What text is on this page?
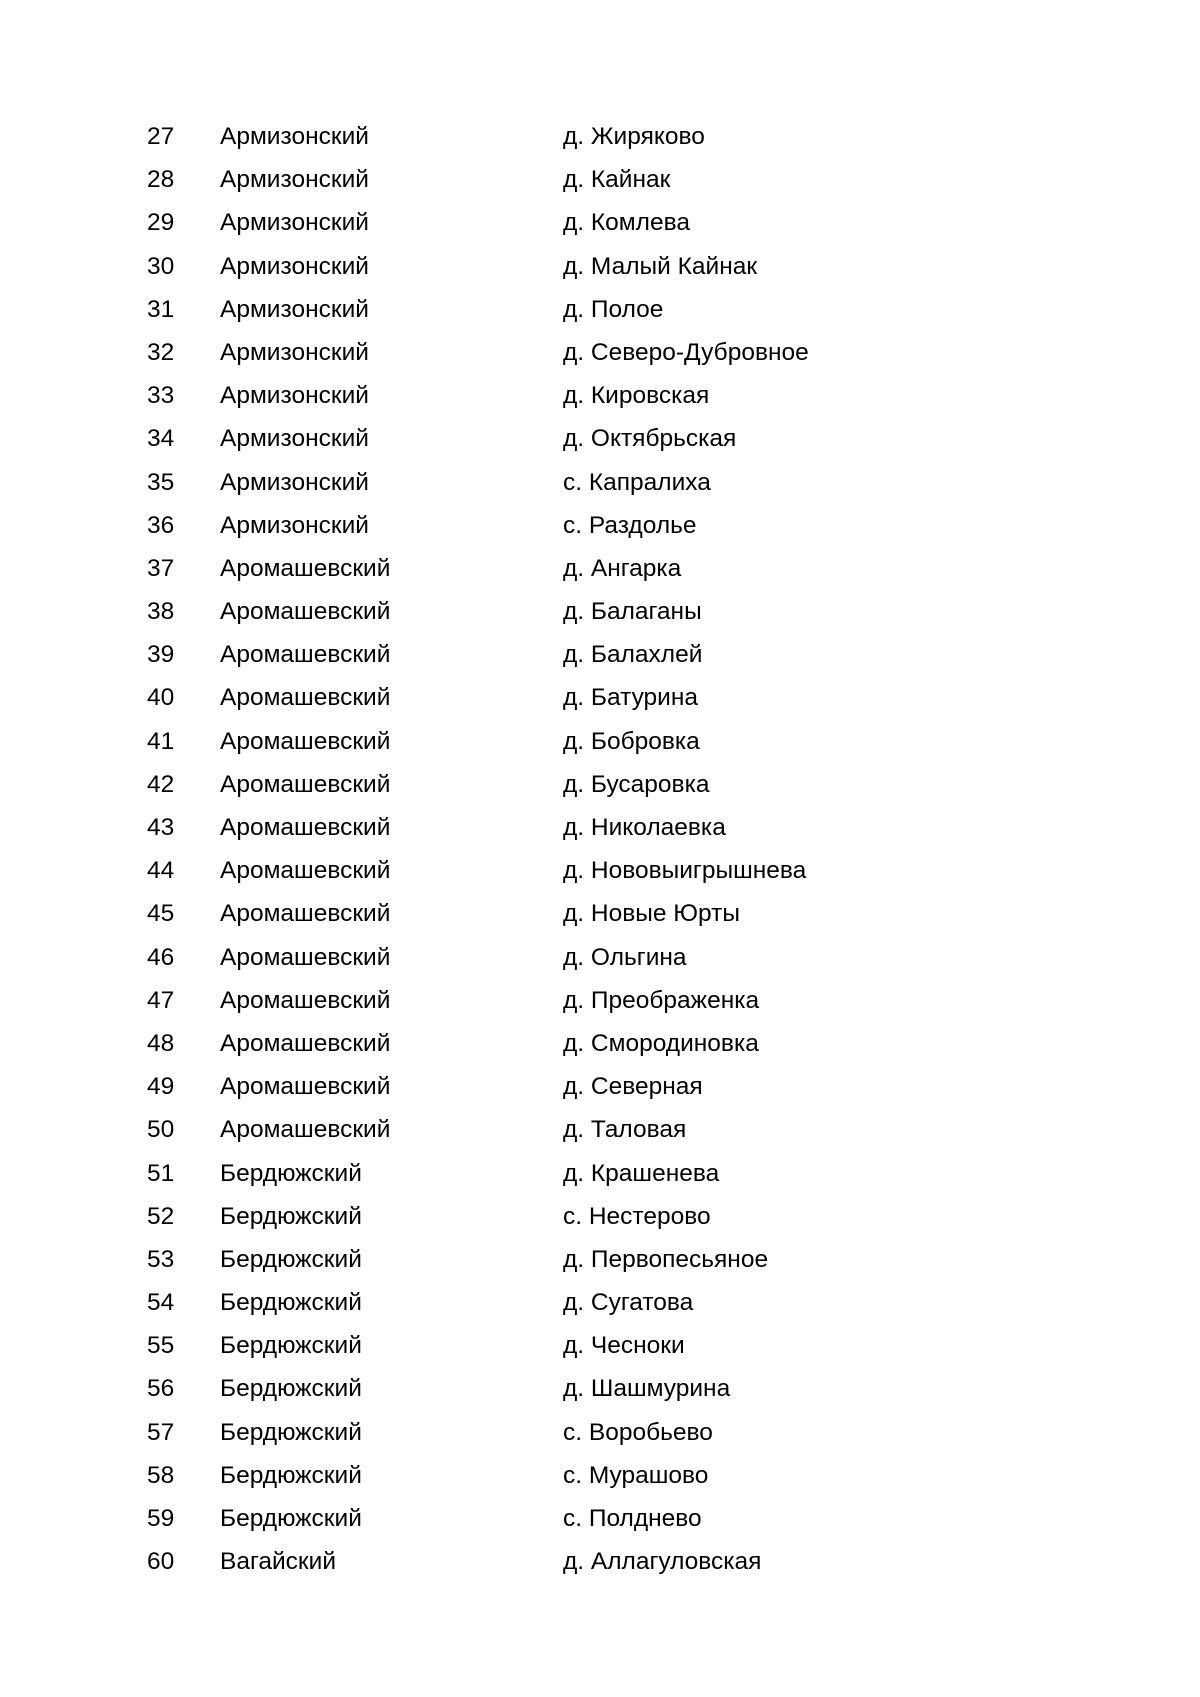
27 Армизонский	д. Жиряково
28 Армизонский	д. Кайнак
29 Армизонский	д. Комлева
30 Армизонский	д. Малый Кайнак
31 Армизонский	д. Полое
32 Армизонский	д. Северо-Дубровное
33 Армизонский	д. Кировская
34 Армизонский	д. Октябрьская
35 Армизонский	с. Капралиха
36 Армизонский	с. Раздолье
37 Аромашевский	д. Ангарка
38 Аромашевский	д. Балаганы
39 Аромашевский	д. Балахлей
40 Аромашевский	д. Батурина
41 Аромашевский	д. Бобровка
42 Аромашевский	д. Бусаровка
43 Аромашевский	д. Николаевка
44 Аромашевский	д. Нововыигрышнева
45 Аромашевский	д. Новые Юрты
46 Аромашевский	д. Ольгина
47 Аромашевский	д. Преображенка
48 Аромашевский	д. Смородиновка
49 Аромашевский	д. Северная
50 Аромашевский	д. Таловая
51 Бердюжский	д. Крашенева
52 Бердюжский	с. Нестерово
53 Бердюжский	д. Первопесьяное
54 Бердюжский	д. Сугатова
55 Бердюжский	д. Чесноки
56 Бердюжский	д. Шашмурина
57 Бердюжский	с. Воробьево
58 Бердюжский	с. Мурашово
59 Бердюжский	с. Полднево
60 Вагайский	д. Аллагуловская
